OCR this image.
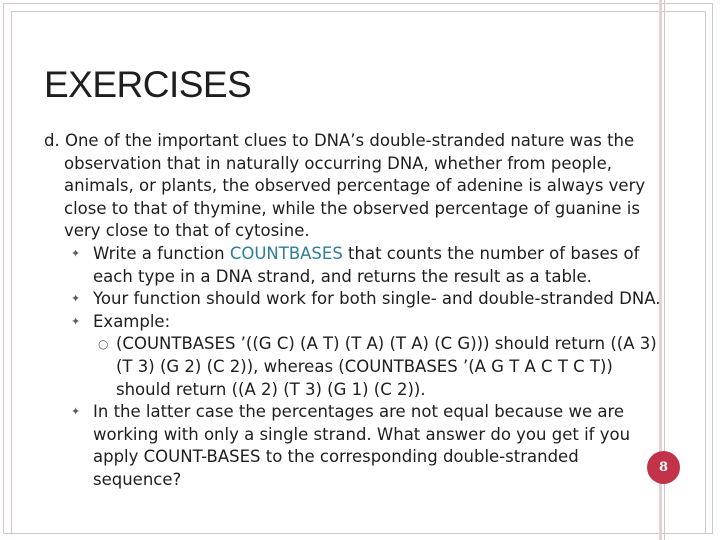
EXERCISES
d. One of the important clues to DNA’s double-stranded nature was the observation that in naturally occurring DNA, whether from people, animals, or plants, the observed percentage of adenine is always very close to that of thymine, while the observed percentage of guanine is very close to that of cytosine.
✦ Write a function COUNTBASES that counts the number of bases of each type in a DNA strand, and returns the result as a table.
✦ Your function should work for both single- and double-stranded DNA.
✦ Example:
○ (COUNTBASES ’((G C) (A T) (T A) (T A) (C G))) should return ((A 3) (T 3) (G 2) (C 2)), whereas (COUNTBASES ’(A G T A C T C T)) should return ((A 2) (T 3) (G 1) (C 2)).
✦ In the latter case the percentages are not equal because we are working with only a single strand. What answer do you get if you apply COUNT-BASES to the corresponding double-stranded sequence?
8
